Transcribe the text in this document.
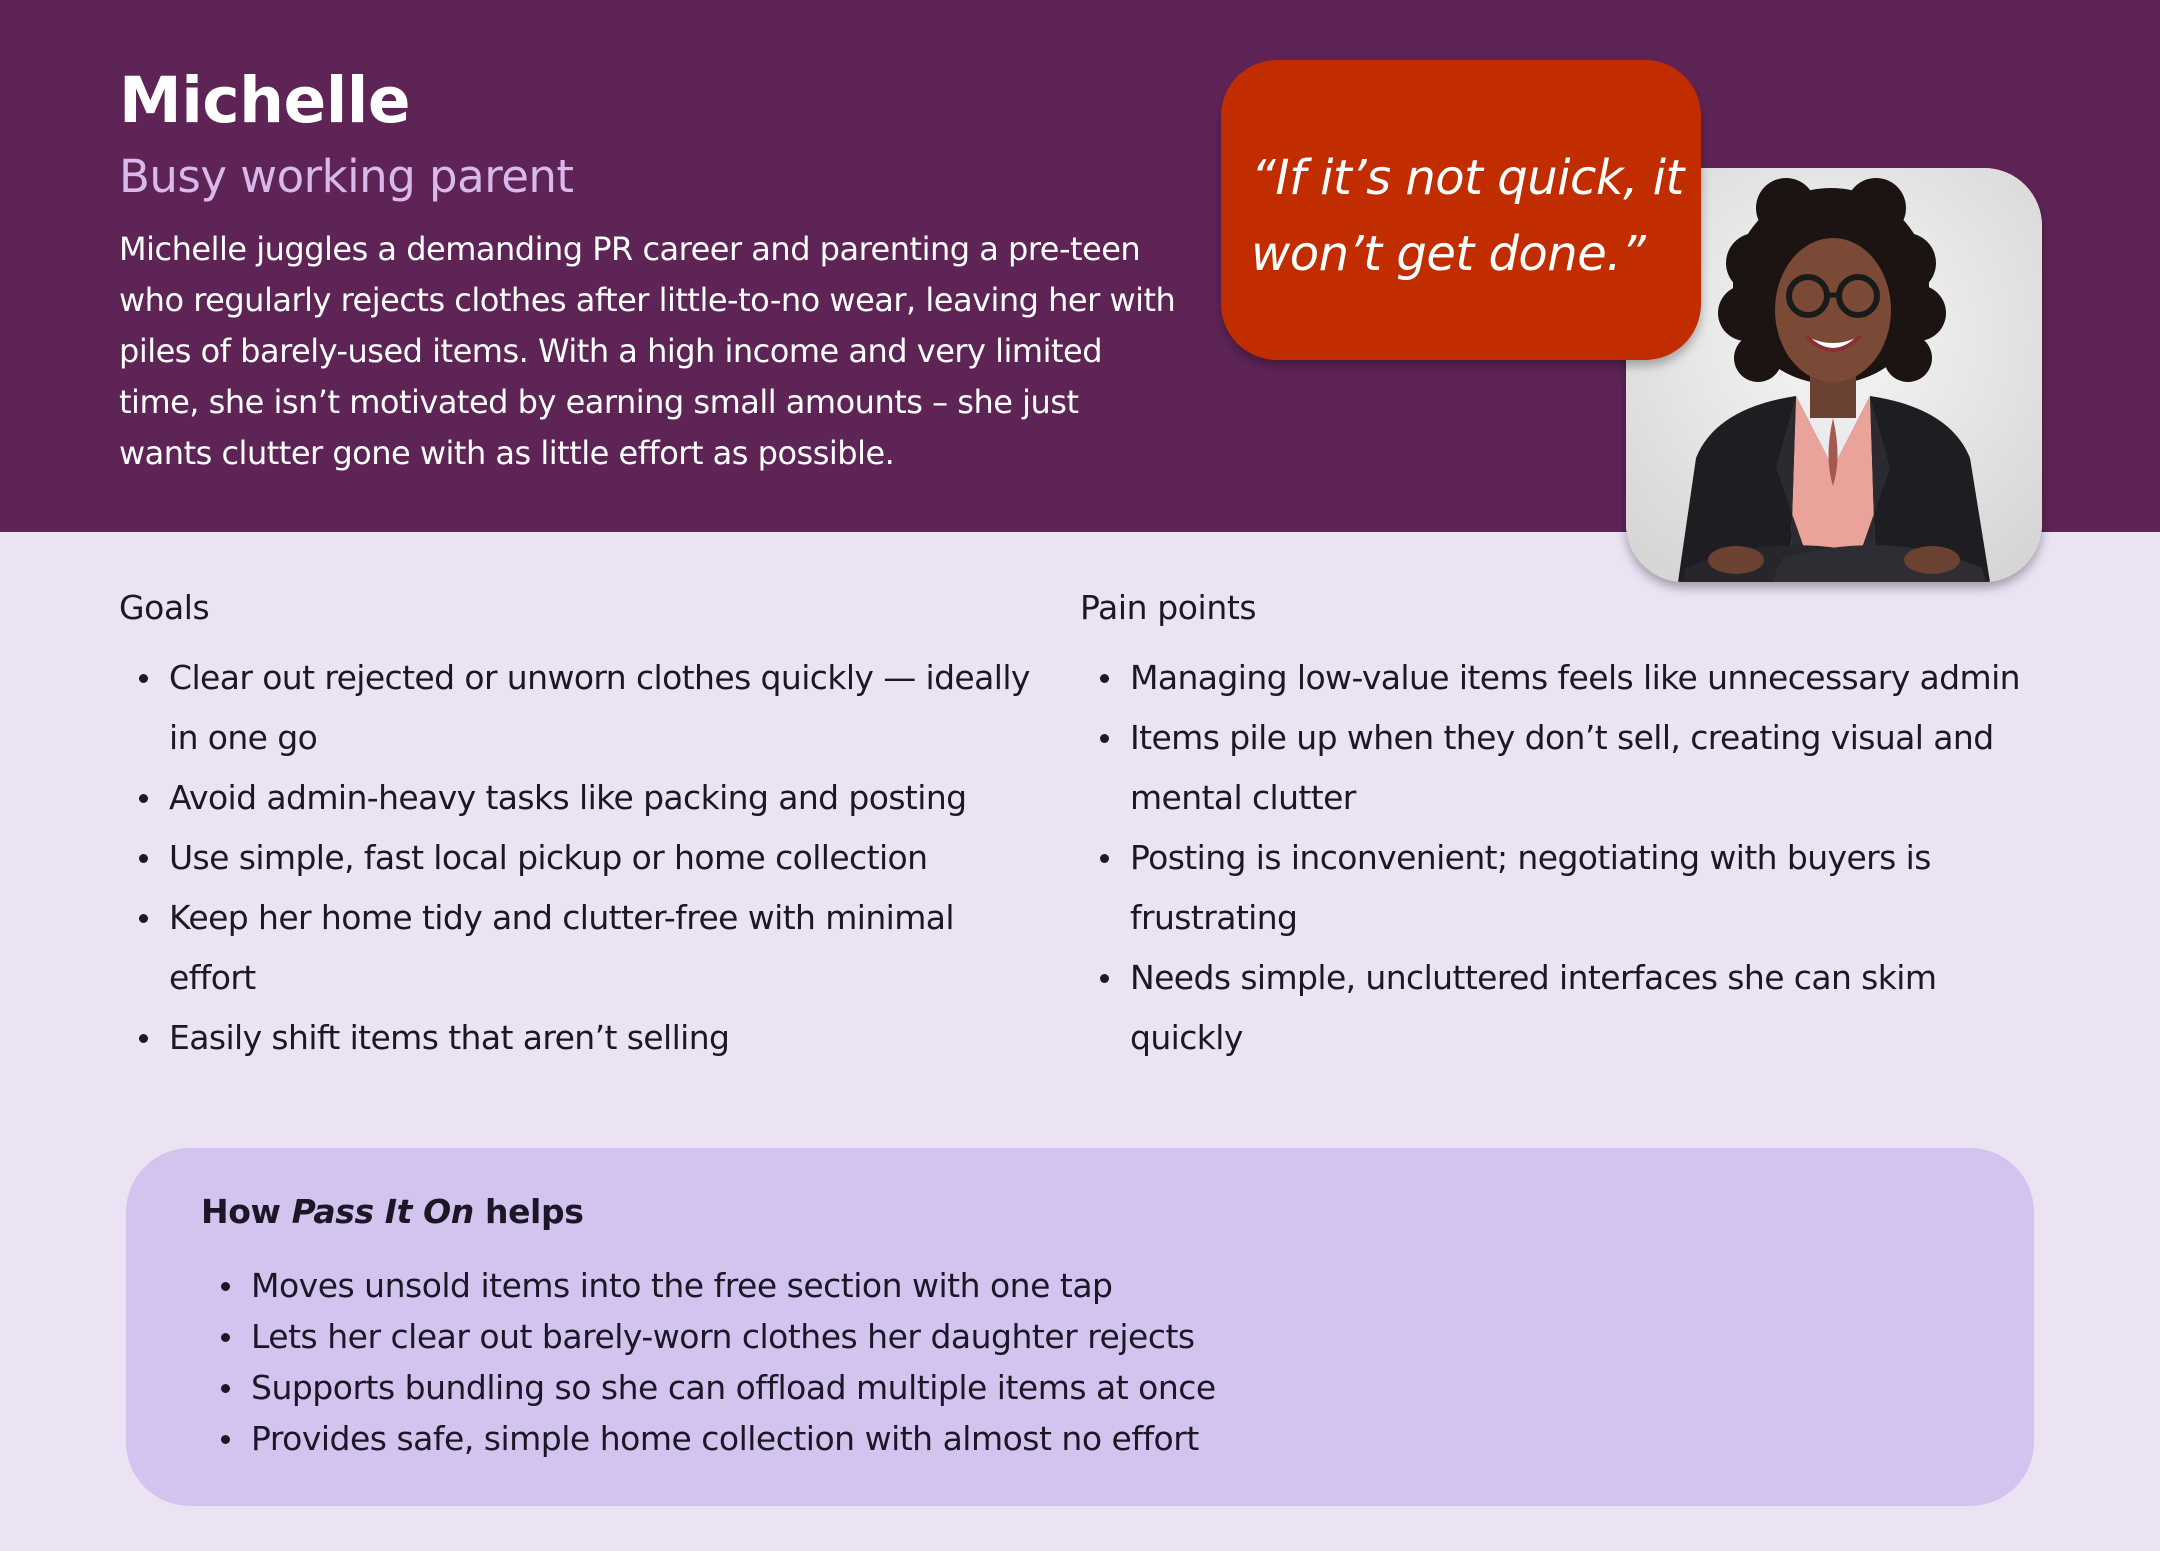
Michelle

Busy working parent

Michelle juggles a demanding PR career and parenting a pre-teen who regularly rejects clothes after little-to-no wear, leaving her with piles of barely-used items. With a high income and very limited time, she isn’t motivated by earning small amounts – she just wants clutter gone with as little effort as possible.

“If it’s not quick, it won’t get done.”

Goals
Clear out rejected or unworn clothes quickly — ideally in one go
Avoid admin-heavy tasks like packing and posting
Use simple, fast local pickup or home collection
Keep her home tidy and clutter-free with minimal effort
Easily shift items that aren’t selling
Pain points
Managing low-value items feels like unnecessary admin
Items pile up when they don’t sell, creating visual and mental clutter
Posting is inconvenient; negotiating with buyers is frustrating
Needs simple, uncluttered interfaces she can skim quickly
How Pass It On helps
Moves unsold items into the free section with one tap
Lets her clear out barely-worn clothes her daughter rejects
Supports bundling so she can offload multiple items at once
Provides safe, simple home collection with almost no effort
